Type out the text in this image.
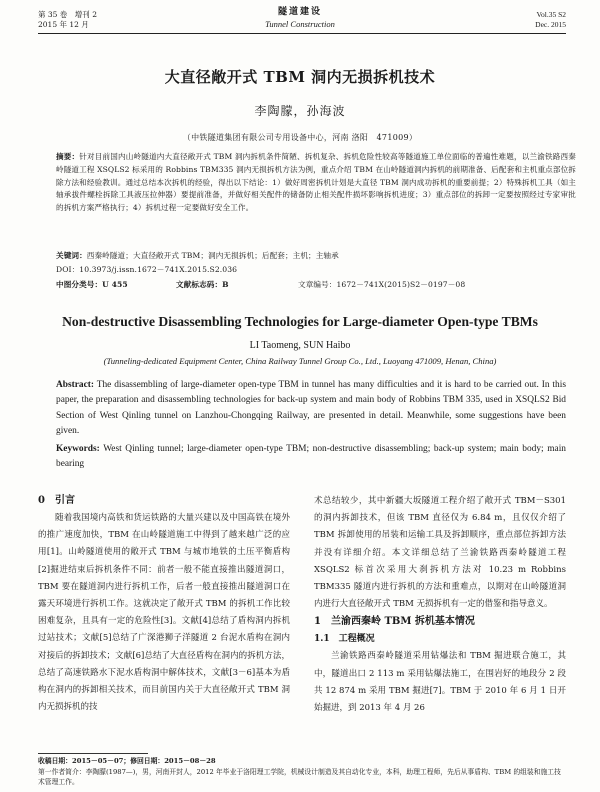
第 35 卷　增刊 2
2015 年 12 月
隧道建设
Tunnel Construction
Vol.35 S2
Dec. 2015
大直径敞开式 TBM 洞内无损拆机技术
李陶朦，孙海波
（中铁隧道集团有限公司专用设备中心，河南 洛阳　471009）
摘要：针对目前国内山岭隧道内大直径敞开式 TBM 洞内拆机条件简陋、拆机复杂、拆机危险性较高等隧道施工单位面临的普遍性难题，以兰渝铁路西秦岭隧道工程 XSQLS2 标采用的 Robbins TBM335 洞内无损拆机方法为例，重点介绍 TBM 在山岭隧道洞内拆机的前期准备、后配套和主机重点部位拆除方法和经验教训。通过总结本次拆机的经验，得出以下结论：1）做好周密拆机计划是大直径 TBM 洞内成功拆机的重要前提；2）特殊拆机工具（如主轴承拔件螺栓拆除工具液压拉伸器）要提前准备，并做好相关配件的储备防止相关配件损坏影响拆机进度；3）重点部位的拆卸一定要按照经过专家审批的拆机方案严格执行；4）拆机过程一定要做好安全工作。
关键词：西秦岭隧道；大直径敞开式 TBM；洞内无损拆机；后配套；主机；主轴承
DOI：10.3973/j.issn.1672－741X.2015.S2.036
中图分类号：U 455	文献标志码：B	文章编号：1672－741X(2015)S2－0197－08
Non-destructive Disassembling Technologies for Large-diameter Open-type TBMs
LI Taomeng, SUN Haibo
(Tunneling-dedicated Equipment Center, China Railway Tunnel Group Co., Ltd., Luoyang 471009, Henan, China)
Abstract: The disassembling of large-diameter open-type TBM in tunnel has many difficulties and it is hard to be carried out. In this paper, the preparation and disassembling technologies for back-up system and main body of Robbins TBM 335, used in XSQLS2 Bid Section of West Qinling tunnel on Lanzhou-Chongqing Railway, are presented in detail. Meanwhile, some suggestions have been given.
Keywords: West Qinling tunnel; large-diameter open-type TBM; non-destructive disassembling; back-up system; main body; main bearing
0　引言

随着我国境内高铁和货运铁路的大量兴建以及中国高铁在境外的推广速度加快，TBM 在山岭隧道施工中得到了越来越广泛的应用[1]。山岭隧道使用的敞开式 TBM 与城市地铁的土压平衡盾构[2]掘进结束后拆机条件不同：前者一般不能直接推出隧道洞口，TBM 要在隧道洞内进行拆机工作，后者一般直接推出隧道洞口在露天环境进行拆机工作。这就决定了敞开式 TBM 的拆机工作比较困难复杂，且具有一定的危险性[3]。文献[4]总结了盾构洞内拆机过站技术；文献[5]总结了广深港狮子洋隧道 2 台泥水盾构在洞内对接后的拆卸技术；文献[6]总结了大直径盾构在洞内的拆机方法，总结了高速铁路水下泥水盾构洞中解体技术，文献[3－6]基本为盾构在洞内的拆卸相关技术，而目前国内关于大直径敞开式 TBM 洞内无损拆机的技

术总结较少，其中新疆大坂隧道工程介绍了敞开式 TBM－S301 的洞内拆卸技术，但该 TBM 直径仅为 6.84 m，且仅仅介绍了 TBM 拆卸使用的吊装和运输工具及拆卸顺序，重点部位拆卸方法并没有详细介绍。本文详细总结了兰渝铁路西秦岭隧道工程 XSQLS2 标首次采用大刹拆机方法对 10.23 m Robbins TBM335 隧道内进行拆机的方法和重难点，以期对在山岭隧道洞内进行大直径敞开式 TBM 无损拆机有一定的借鉴和指导意义。

1　兰渝西秦岭 TBM 拆机基本情况
1.1　工程概况

兰渝铁路西秦岭隧道采用钻爆法和 TBM 掘进联合施工，其中，隧道出口 2 113 m 采用钻爆法施工，在围岩好的地段分 2 段共 12 874 m 采用 TBM 掘进[7]。TBM 于 2010 年 6 月 1 日开始掘进，到 2013 年 4 月 26

收稿日期：2015－05－07；修回日期：2015－08－28
第一作者简介：李陶朦(1987—)，男，河南开封人，2012 年毕业于洛阳理工学院，机械设计制造及其自动化专业，本科，助理工程师，先后从事盾构、TBM 的组装和施工技术管理工作。
